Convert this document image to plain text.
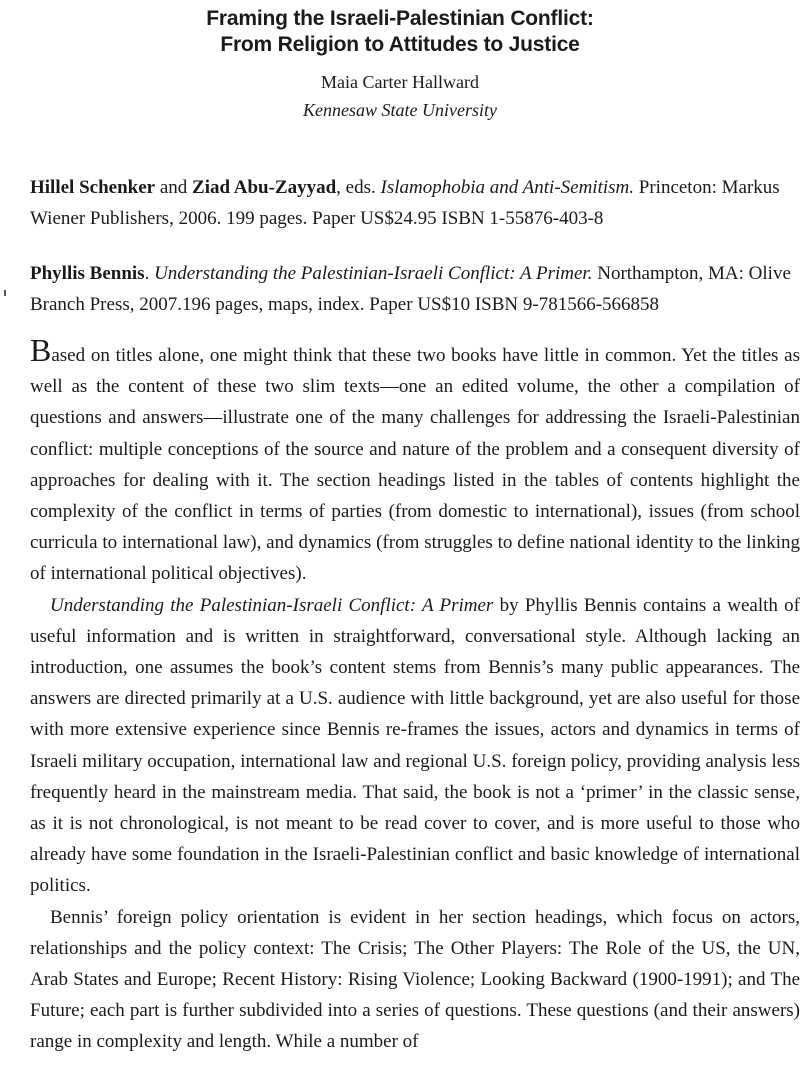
Framing the Israeli-Palestinian Conflict:
From Religion to Attitudes to Justice
Maia Carter Hallward
Kennesaw State University
Hillel Schenker and Ziad Abu-Zayyad, eds. Islamophobia and Anti-Semitism. Princeton: Markus Wiener Publishers, 2006. 199 pages. Paper US$24.95 ISBN 1-55876-403-8
Phyllis Bennis. Understanding the Palestinian-Israeli Conflict: A Primer. Northampton, MA: Olive Branch Press, 2007.196 pages, maps, index. Paper US$10 ISBN 9-781566-566858

Based on titles alone, one might think that these two books have little in common. Yet the titles as well as the content of these two slim texts—one an edited volume, the other a compilation of questions and answers—illustrate one of the many challenges for addressing the Israeli-Palestinian conflict: multiple conceptions of the source and nature of the problem and a consequent diversity of approaches for dealing with it. The section headings listed in the tables of contents highlight the complexity of the conflict in terms of parties (from domestic to international), issues (from school curricula to international law), and dynamics (from struggles to define national identity to the linking of international political objectives).

Understanding the Palestinian-Israeli Conflict: A Primer by Phyllis Bennis contains a wealth of useful information and is written in straightforward, conversational style. Although lacking an introduction, one assumes the book’s content stems from Bennis’s many public appearances. The answers are directed primarily at a U.S. audience with little background, yet are also useful for those with more extensive experience since Bennis re-frames the issues, actors and dynamics in terms of Israeli military occupation, international law and regional U.S. foreign policy, providing analysis less frequently heard in the mainstream media. That said, the book is not a ‘primer’ in the classic sense, as it is not chronological, is not meant to be read cover to cover, and is more useful to those who already have some foundation in the Israeli-Palestinian conflict and basic knowledge of international politics.

Bennis’ foreign policy orientation is evident in her section headings, which focus on actors, relationships and the policy context: The Crisis; The Other Players: The Role of the US, the UN, Arab States and Europe; Recent History: Rising Violence; Looking Backward (1900-1991); and The Future; each part is further subdivided into a series of questions. These questions (and their answers) range in complexity and length. While a number of
